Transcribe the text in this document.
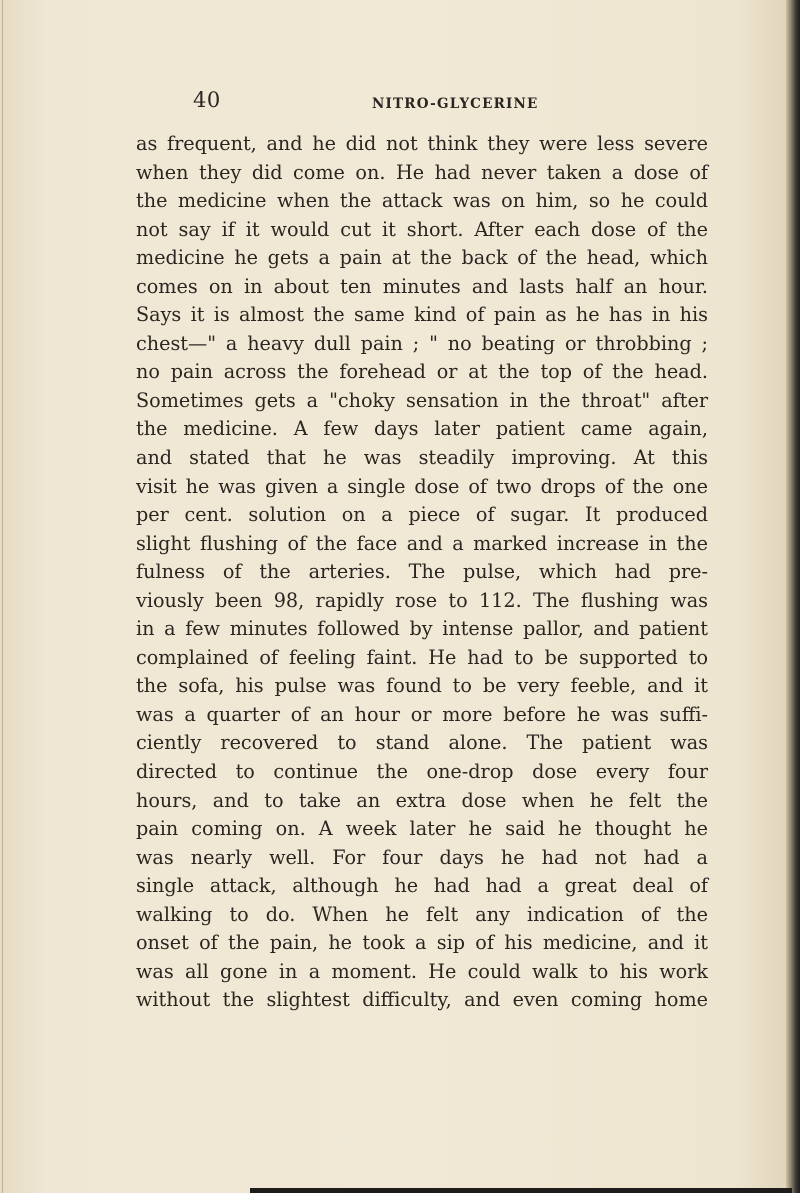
40	NITRO-GLYCERINE
as frequent, and he did not think they were less severe
when they did come on. He had never taken a dose of
the medicine when the attack was on him, so he could
not say if it would cut it short. After each dose of the
medicine he gets a pain at the back of the head, which
comes on in about ten minutes and lasts half an hour.
Says it is almost the same kind of pain as he has in his
chest—" a heavy dull pain ; " no beating or throbbing ;
no pain across the forehead or at the top of the head.
Sometimes gets a "choky sensation in the throat" after
the medicine. A few days later patient came again,
and stated that he was steadily improving. At this
visit he was given a single dose of two drops of the one
per cent. solution on a piece of sugar. It produced
slight flushing of the face and a marked increase in the
fulness of the arteries. The pulse, which had pre-
viously been 98, rapidly rose to 112. The flushing was
in a few minutes followed by intense pallor, and patient
complained of feeling faint. He had to be supported to
the sofa, his pulse was found to be very feeble, and it
was a quarter of an hour or more before he was suffi-
ciently recovered to stand alone. The patient was
directed to continue the one-drop dose every four
hours, and to take an extra dose when he felt the
pain coming on. A week later he said he thought he
was nearly well. For four days he had not had a
single attack, although he had had a great deal of
walking to do. When he felt any indication of the
onset of the pain, he took a sip of his medicine, and it
was all gone in a moment. He could walk to his work
without the slightest difficulty, and even coming home
